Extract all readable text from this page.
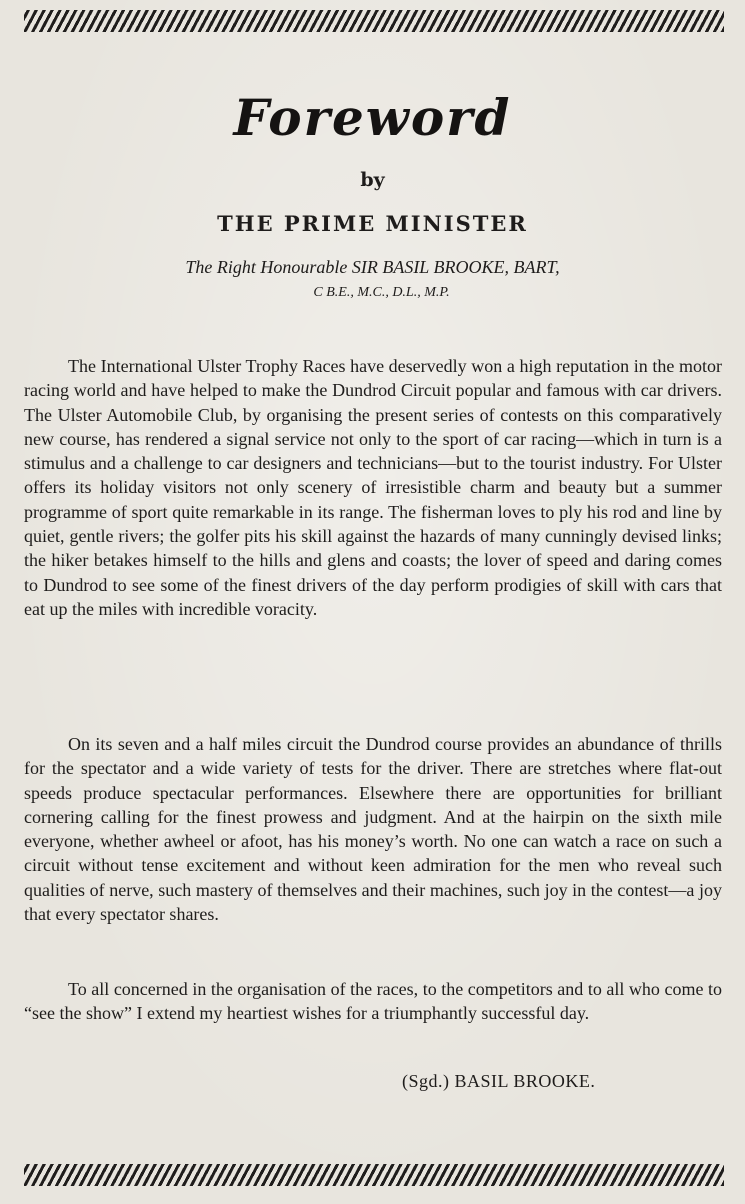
Foreword
by
THE PRIME MINISTER
The Right Honourable SIR BASIL BROOKE, BART,
C B.E., M.C., D.L., M.P.

The International Ulster Trophy Races have deservedly won a high reputation in the motor racing world and have helped to make the Dundrod Circuit popular and famous with car drivers. The Ulster Automobile Club, by organising the present series of contests on this comparatively new course, has rendered a signal service not only to the sport of car racing—which in turn is a stimulus and a challenge to car designers and technicians—but to the tourist industry. For Ulster offers its holiday visitors not only scenery of irresistible charm and beauty but a summer programme of sport quite remarkable in its range. The fisherman loves to ply his rod and line by quiet, gentle rivers; the golfer pits his skill against the hazards of many cunningly devised links; the hiker betakes himself to the hills and glens and coasts; the lover of speed and daring comes to Dundrod to see some of the finest drivers of the day perform prodigies of skill with cars that eat up the miles with incredible voracity.

On its seven and a half miles circuit the Dundrod course provides an abundance of thrills for the spectator and a wide variety of tests for the driver. There are stretches where flat-out speeds produce spectacular performances. Elsewhere there are opportunities for brilliant cornering calling for the finest prowess and judgment. And at the hairpin on the sixth mile everyone, whether awheel or afoot, has his money’s worth. No one can watch a race on such a circuit without tense excitement and without keen admiration for the men who reveal such qualities of nerve, such mastery of themselves and their machines, such joy in the contest—a joy that every spectator shares.

To all concerned in the organisation of the races, to the competitors and to all who come to “see the show” I extend my heartiest wishes for a triumphantly successful day.

(Sgd.) BASIL BROOKE.
